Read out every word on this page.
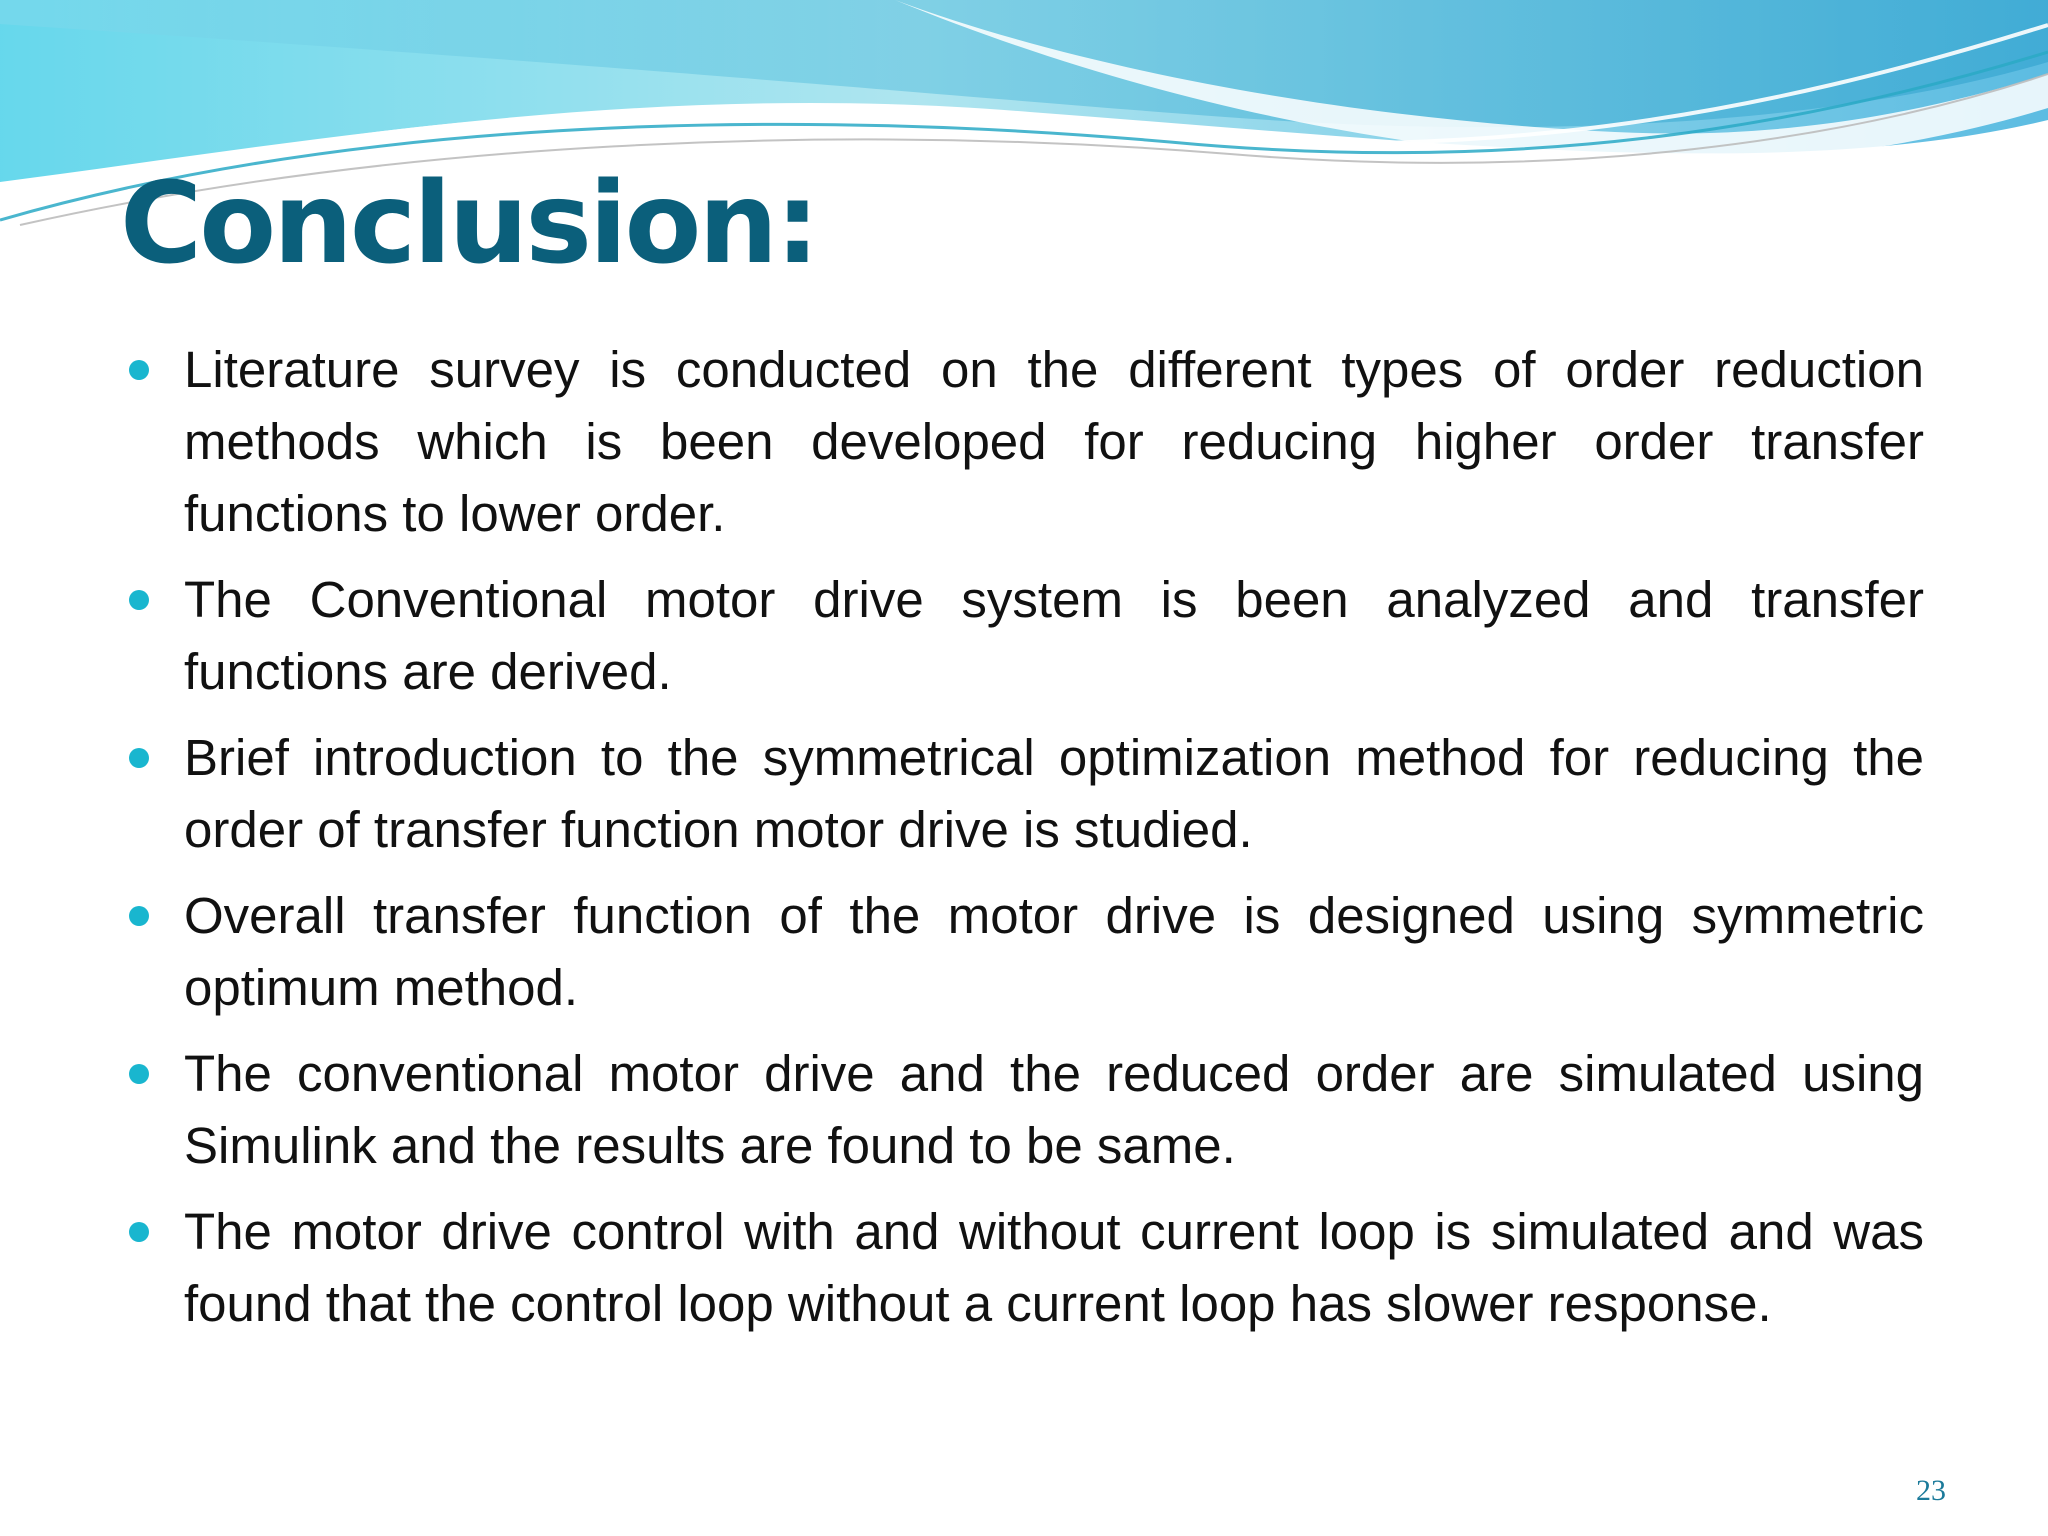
Conclusion:
Literature survey is conducted on the different types of order reduction methods which is been developed for reducing higher order transfer functions to lower order.
The Conventional motor drive system is been analyzed and transfer functions are derived.
Brief introduction to the symmetrical optimization method for reducing the order of transfer function motor drive is studied.
Overall transfer function of the motor drive is designed using symmetric optimum method.
The conventional motor drive and the reduced order are simulated using Simulink and the results are found to be same.
The motor drive control with and without current loop is simulated and was found that the control loop without a current loop has slower response.
23
